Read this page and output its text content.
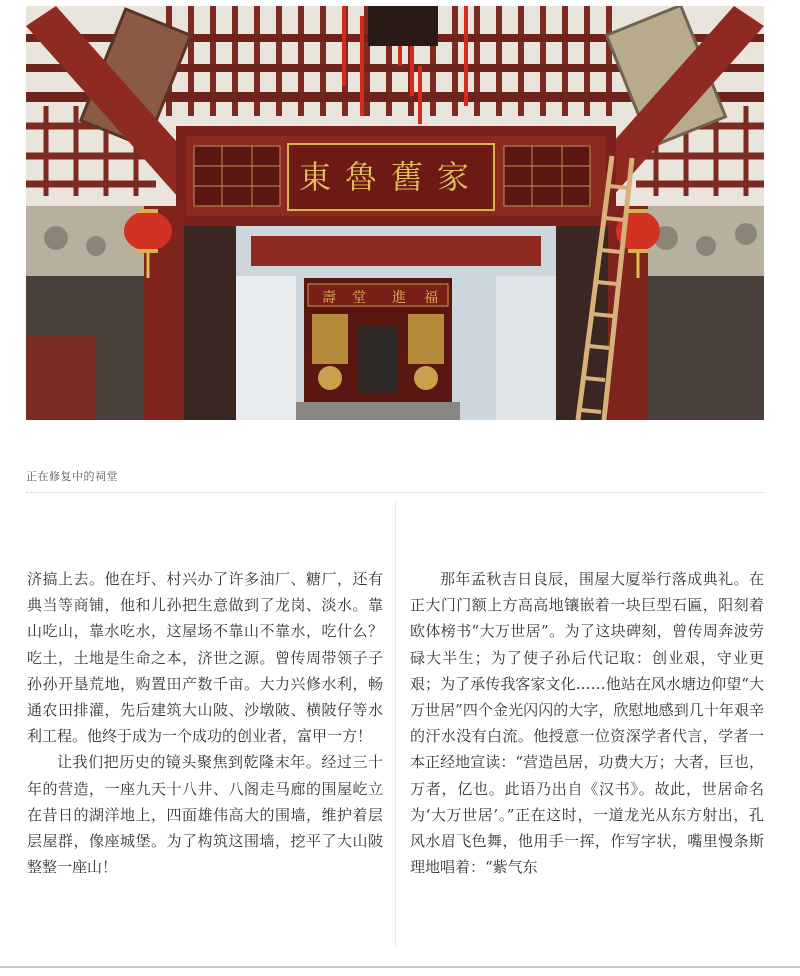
東魯舊家
壽 堂 進 福
正在修复中的祠堂

济搞上去。他在圩、村兴办了许多油厂、糖厂，还有典当等商铺，他和儿孙把生意做到了龙岗、淡水。靠山吃山，靠水吃水，这屋场不靠山不靠水，吃什么？吃土，土地是生命之本，济世之源。曾传周带领子子孙孙开垦荒地，购置田产数千亩。大力兴修水利，畅通农田排灌，先后建筑大山陂、沙墩陂、横陂仔等水利工程。他终于成为一个成功的创业者，富甲一方！

让我们把历史的镜头聚焦到乾隆末年。经过三十年的营造，一座九天十八井、八阁走马廊的围屋屹立在昔日的湖洋地上，四面雄伟高大的围墙，维护着层层屋群，像座城堡。为了构筑这围墙，挖平了大山陂整整一座山！

那年孟秋吉日良辰，围屋大厦举行落成典礼。在正大门门额上方高高地镶嵌着一块巨型石匾，阳刻着欧体榜书“大万世居”。为了这块碑刻，曾传周奔波劳碌大半生；为了使子孙后代记取：创业艰，守业更艰；为了承传我客家文化……他站在风水塘边仰望“大万世居”四个金光闪闪的大字，欣慰地感到几十年艰辛的汗水没有白流。他授意一位资深学者代言，学者一本正经地宣读：“营造邑居，功费大万；大者，巨也，万者，亿也。此语乃出自《汉书》。故此，世居命名为‘大万世居’。”正在这时，一道龙光从东方射出，孔风水眉飞色舞，他用手一挥，作写字状，嘴里慢条斯理地唱着：“紫气东
